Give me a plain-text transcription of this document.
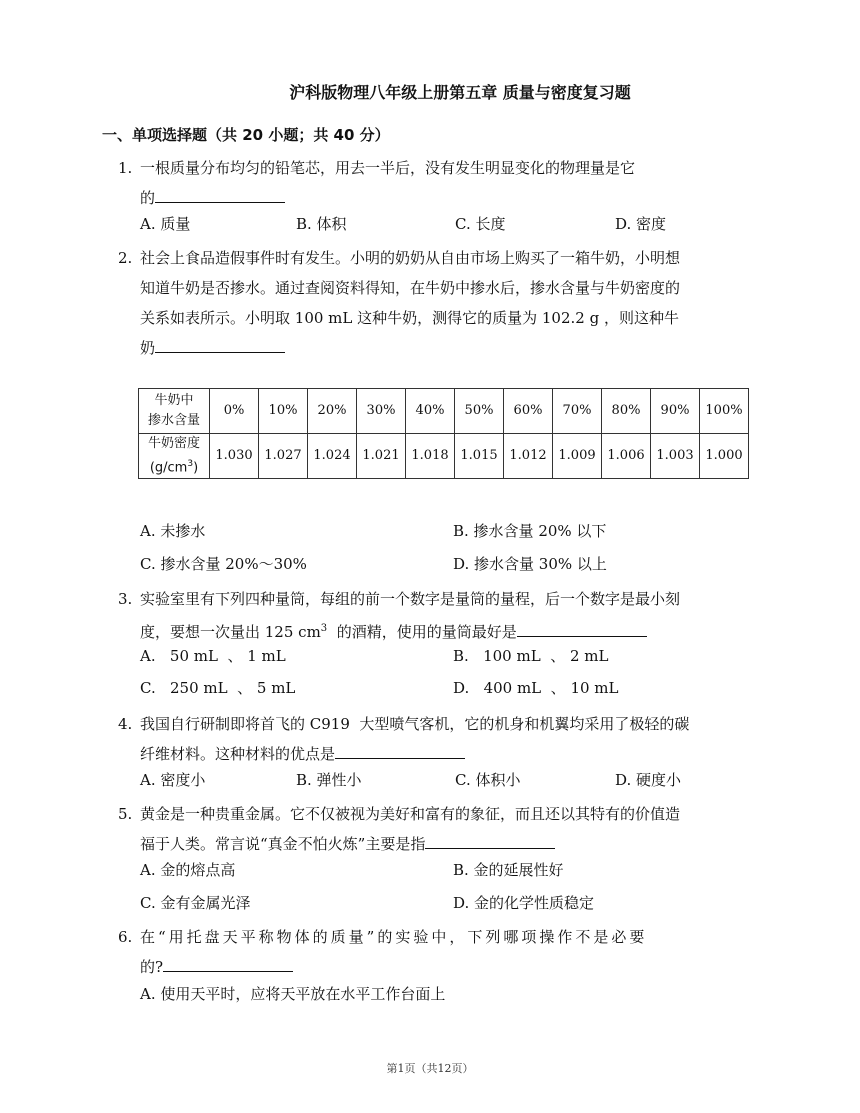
沪科版物理八年级上册第五章 质量与密度复习题
一、单项选择题（共 20 小题；共 40 分）
1. 一根质量分布均匀的铅笔芯，用去一半后，没有发生明显变化的物理量是它
的
A. 质量	B. 体积	C. 长度	D. 密度
2. 社会上食品造假事件时有发生。小明的奶奶从自由市场上购买了一箱牛奶，小明想
知道牛奶是否掺水。通过查阅资料得知，在牛奶中掺水后，掺水含量与牛奶密度的
关系如表所示。小明取 100 mL 这种牛奶，测得它的质量为 102.2 g ，则这种牛
奶
牛奶中
掺水含量	0%	10%	20%	30%	40%	50%	60%	70%	80%	90%	100%
牛奶密度
$(g/cm^3)$	1.030	1.027	1.024	1.021	1.018	1.015	1.012	1.009	1.006	1.003	1.000
A. 未掺水	B. 掺水含量 20% 以下
C. 掺水含量 20%～30%	D. 掺水含量 30% 以上
3. 实验室里有下列四种量筒，每组的前一个数字是量筒的量程，后一个数字是最小刻
度，要想一次量出 125 $cm^3$  的酒精，使用的量筒最好是
A.   50 mL  、 1 mL	B.   100 mL  、 2 mL
C.   250 mL  、 5 mL	D.   400 mL  、 10 mL
4. 我国自行研制即将首飞的 C919  大型喷气客机，它的机身和机翼均采用了极轻的碳
纤维材料。这种材料的优点是
A. 密度小	B. 弹性小	C. 体积小	D. 硬度小
5. 黄金是一种贵重金属。它不仅被视为美好和富有的象征，而且还以其特有的价值造
福于人类。常言说“真金不怕火炼”主要是指
A. 金的熔点高	B. 金的延展性好
C. 金有金属光泽	D. 金的化学性质稳定
6. 在“用托盘天平称物体的质量”的实验中，下列哪项操作不是必要
的?
A. 使用天平时，应将天平放在水平工作台面上
第1页（共12页）
